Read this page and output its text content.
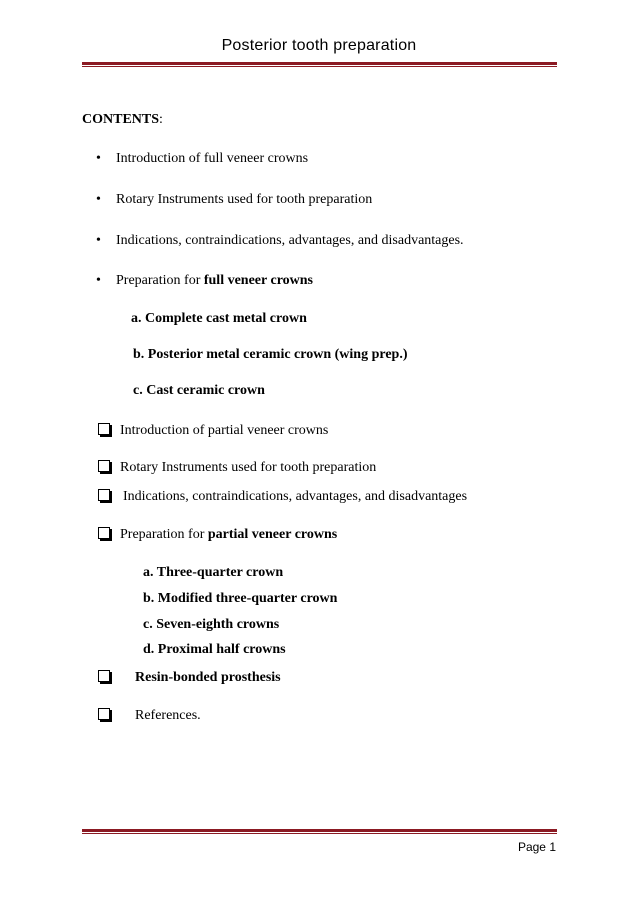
Posterior tooth preparation
CONTENTS:
• Introduction of full veneer crowns
• Rotary Instruments used for tooth preparation
• Indications, contraindications, advantages, and disadvantages.
• Preparation for full veneer crowns
a. Complete cast metal crown
b. Posterior metal ceramic crown (wing prep.)
c. Cast ceramic crown
Introduction of partial veneer crowns
Rotary Instruments used for tooth preparation
Indications, contraindications, advantages, and disadvantages
Preparation for partial veneer crowns
a. Three-quarter crown
b. Modified three-quarter crown
c. Seven-eighth crowns
d. Proximal half crowns
Resin-bonded prosthesis
References.
Page 1
